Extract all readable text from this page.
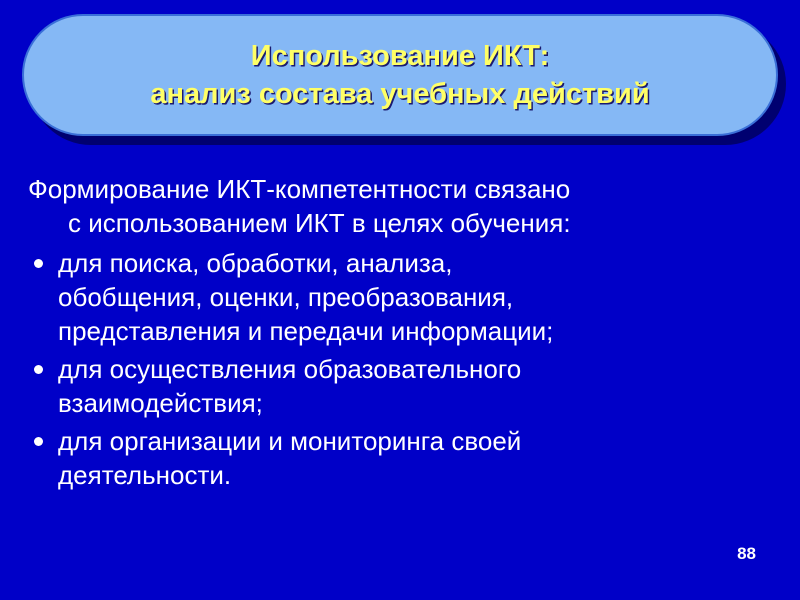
Использование ИКТ:
анализ состава учебных действий
Формирование ИКТ-компетентности связано
с использованием ИКТ в целях обучения:
для поиска, обработки, анализа,
обобщения, оценки, преобразования,
представления и передачи информации;
для осуществления образовательного
взаимодействия;
для организации и мониторинга своей
деятельности.
88
